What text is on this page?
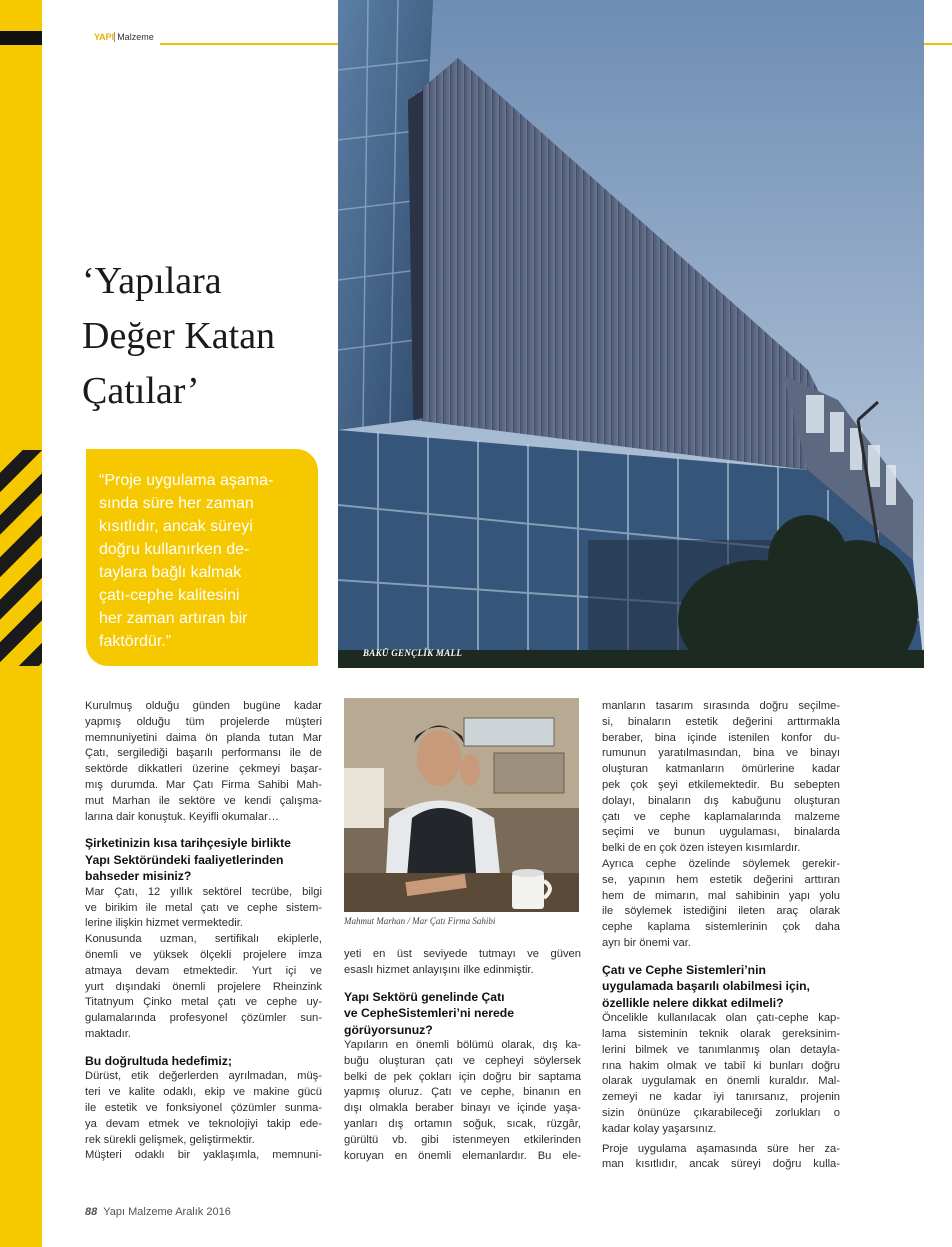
YAPI Malzeme
BAKÜ GENÇLİK MALL
‘Yapılara
Değer Katan
Çatılar’
“Proje uygulama aşama-
sında süre her zaman
kısıtlıdır, ancak süreyi
doğru kullanırken de-
taylara bağlı kalmak
çatı-cephe kalitesini
her zaman artıran bir
faktördür.”
Kurulmuş olduğu günden bugüne kadar
yapmış olduğu tüm projelerde müşteri
memnuniyetini daima ön planda tutan Mar
Çatı, sergilediği başarılı performansı ile de
sektörde dikkatleri üzerine çekmeyi başar-
mış durumda. Mar Çatı Firma Sahibi Mah-
mut Marhan ile sektöre ve kendi çalışma-
larına dair konuştuk. Keyifli okumalar…
Şirketinizin kısa tarihçesiyle birlikte
Yapı Sektöründeki faaliyetlerinden
bahseder misiniz?
Mar Çatı, 12 yıllık sektörel tecrübe, bilgi
ve birikim ile metal çatı ve cephe sistem-
lerine ilişkin hizmet vermektedir.
Konusunda uzman, sertifikalı ekiplerle,
önemli ve yüksek ölçekli projelere imza
atmaya devam etmektedir. Yurt içi ve
yurt dışındaki önemli projelere Rheinzink
Titatnyum Çinko metal çatı ve cephe uy-
gulamalarında profesyonel çözümler sun-
maktadır.
Bu doğrultuda hedefimiz;
Dürüst, etik değerlerden ayrılmadan, müş-
teri ve kalite odaklı, ekip ve makine gücü
ile estetik ve fonksiyonel çözümler sunma-
ya devam etmek ve teknolojiyi takip ede-
rek sürekli gelişmek, geliştirmektir.
Müşteri odaklı bir yaklaşımla, memnuni-
Mahmut Marhan / Mar Çatı Firma Sahibi
yeti en üst seviyede tutmayı ve güven
esaslı hizmet anlayışını ilke edinmiştir.
Yapı Sektörü genelinde Çatı
ve CepheSistemleri’ni nerede
görüyorsunuz?
Yapıların en önemli bölümü olarak, dış ka-
buğu oluşturan çatı ve cepheyi söylersek
belki de pek çokları için doğru bir saptama
yapmış oluruz. Çatı ve cephe, binanın en
dışı olmakla beraber binayı ve içinde yaşa-
yanları dış ortamın soğuk, sıcak, rüzgâr,
gürültü vb. gibi istenmeyen etkilerinden
koruyan en önemli elemanlardır. Bu ele-
manların tasarım sırasında doğru seçilme-
si, binaların estetik değerini arttırmakla
beraber, bina içinde istenilen konfor du-
rumunun yaratılmasından, bina ve binayı
oluşturan katmanların ömürlerine kadar
pek çok şeyi etkilemektedir. Bu sebepten
dolayı, binaların dış kabuğunu oluşturan
çatı ve cephe kaplamalarında malzeme
seçimi ve bunun uygulaması, binalarda
belki de en çok özen isteyen kısımlardır.
Ayrıca cephe özelinde söylemek gerekir-
se, yapının hem estetik değerini arttıran
hem de mimarın, mal sahibinin yapı yolu
ile söylemek istediğini ileten araç olarak
cephe kaplama sistemlerinin çok daha
ayrı bir önemi var.
Çatı ve Cephe Sistemleri’nin
uygulamada başarılı olabilmesi için,
özellikle nelere dikkat edilmeli?
Öncelikle kullanılacak olan çatı-cephe kap-
lama sisteminin teknik olarak gereksinim-
lerini bilmek ve tanımlanmış olan detayla-
rına hakim olmak ve tabiî ki bunları doğru
olarak uygulamak en önemli kuraldır. Mal-
zemeyi ne kadar iyi tanırsanız, projenin
sizin önünüze çıkarabileceği zorlukları o
kadar kolay yaşarsınız.
Proje uygulama aşamasında süre her za-
man kısıtlıdır, ancak süreyi doğru kulla-
88 Yapı Malzeme Aralık 2016
